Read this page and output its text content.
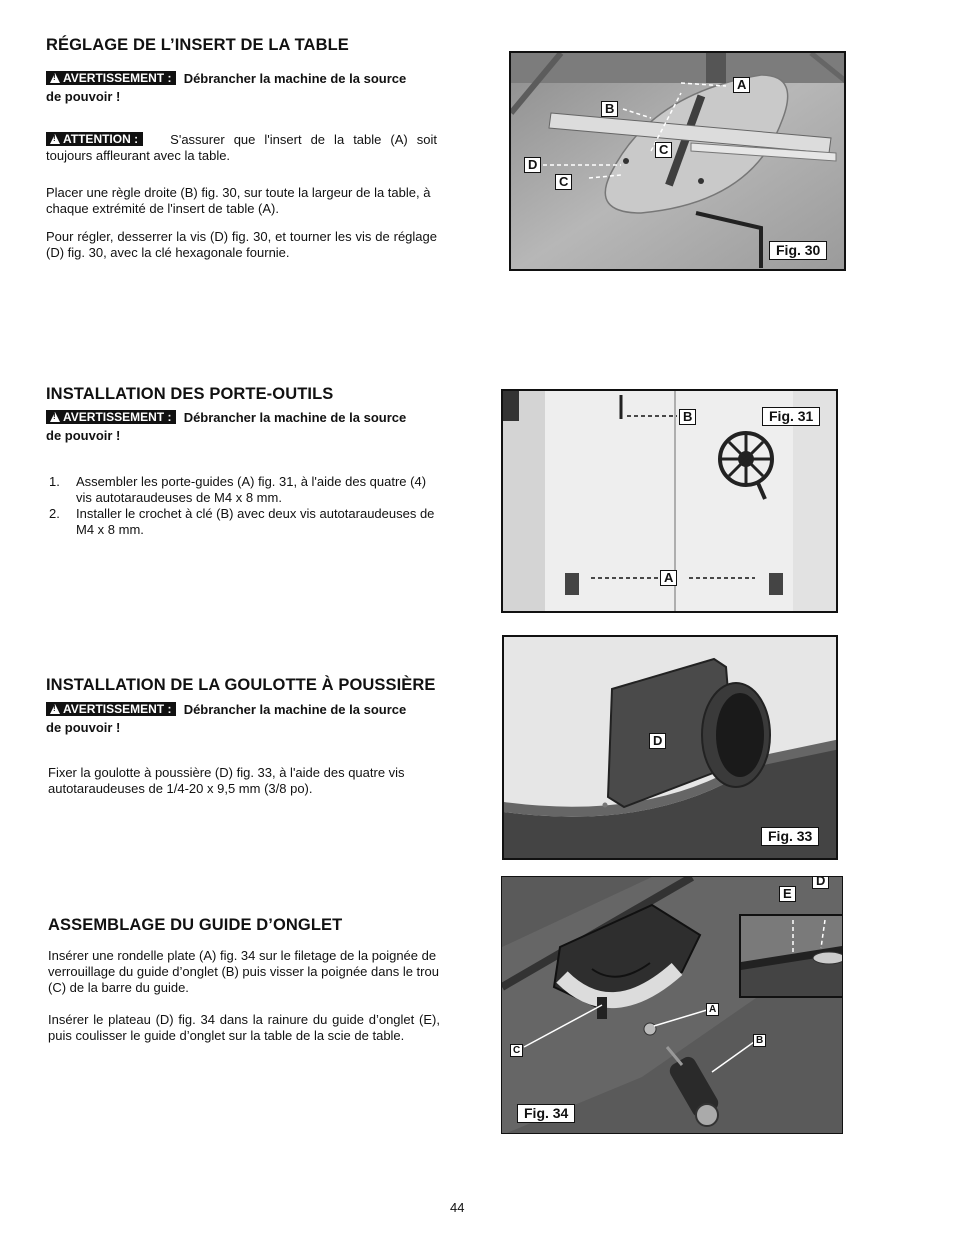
RÉGLAGE DE L’INSERT DE LA TABLE

!AVERTISSEMENT : Débrancher la machine de la source

de pouvoir !

!ATTENTION : S'assurer que l'insert de la table (A) soit

toujours affleurant avec la table.

Placer une règle droite (B) fig. 30, sur toute la largeur de la table, à chaque extrémité de l'insert de table (A).

Pour régler, desserrer la vis (D) fig. 30, et tourner les vis de réglage (D) fig. 30, avec la clé hexagonale fournie.

A
B
C
D
C
Fig. 30
INSTALLATION DES PORTE-OUTILS

!AVERTISSEMENT : Débrancher la machine de la source

de pouvoir !

1. Assembler les porte-guides (A) fig. 31, à l'aide des quatre (4) vis autotaraudeuses de M4 x 8 mm.
2. Installer le crochet à clé (B) avec deux vis autotaraudeuses de M4 x 8 mm.
B	Fig. 31
A
INSTALLATION DE LA GOULOTTE À POUSSIÈRE

!AVERTISSEMENT : Débrancher la machine de la source

de pouvoir !

Fixer la goulotte à poussière (D) fig. 33, à l'aide des quatre vis autotaraudeuses de 1/4-20 x 9,5 mm (3/8 po).

D
Fig. 33
ASSEMBLAGE DU GUIDE D’ONGLET

Insérer une rondelle plate (A) fig. 34 sur le filetage de la poignée de verrouillage du guide d’onglet (B) puis visser la poignée dans le trou (C) de la barre du guide.

Insérer le plateau (D) fig. 34 dans la rainure du guide d’onglet (E), puis coulisser le guide d’onglet sur la table de la scie de table.

E
D
A
C
B
Fig. 34
44
